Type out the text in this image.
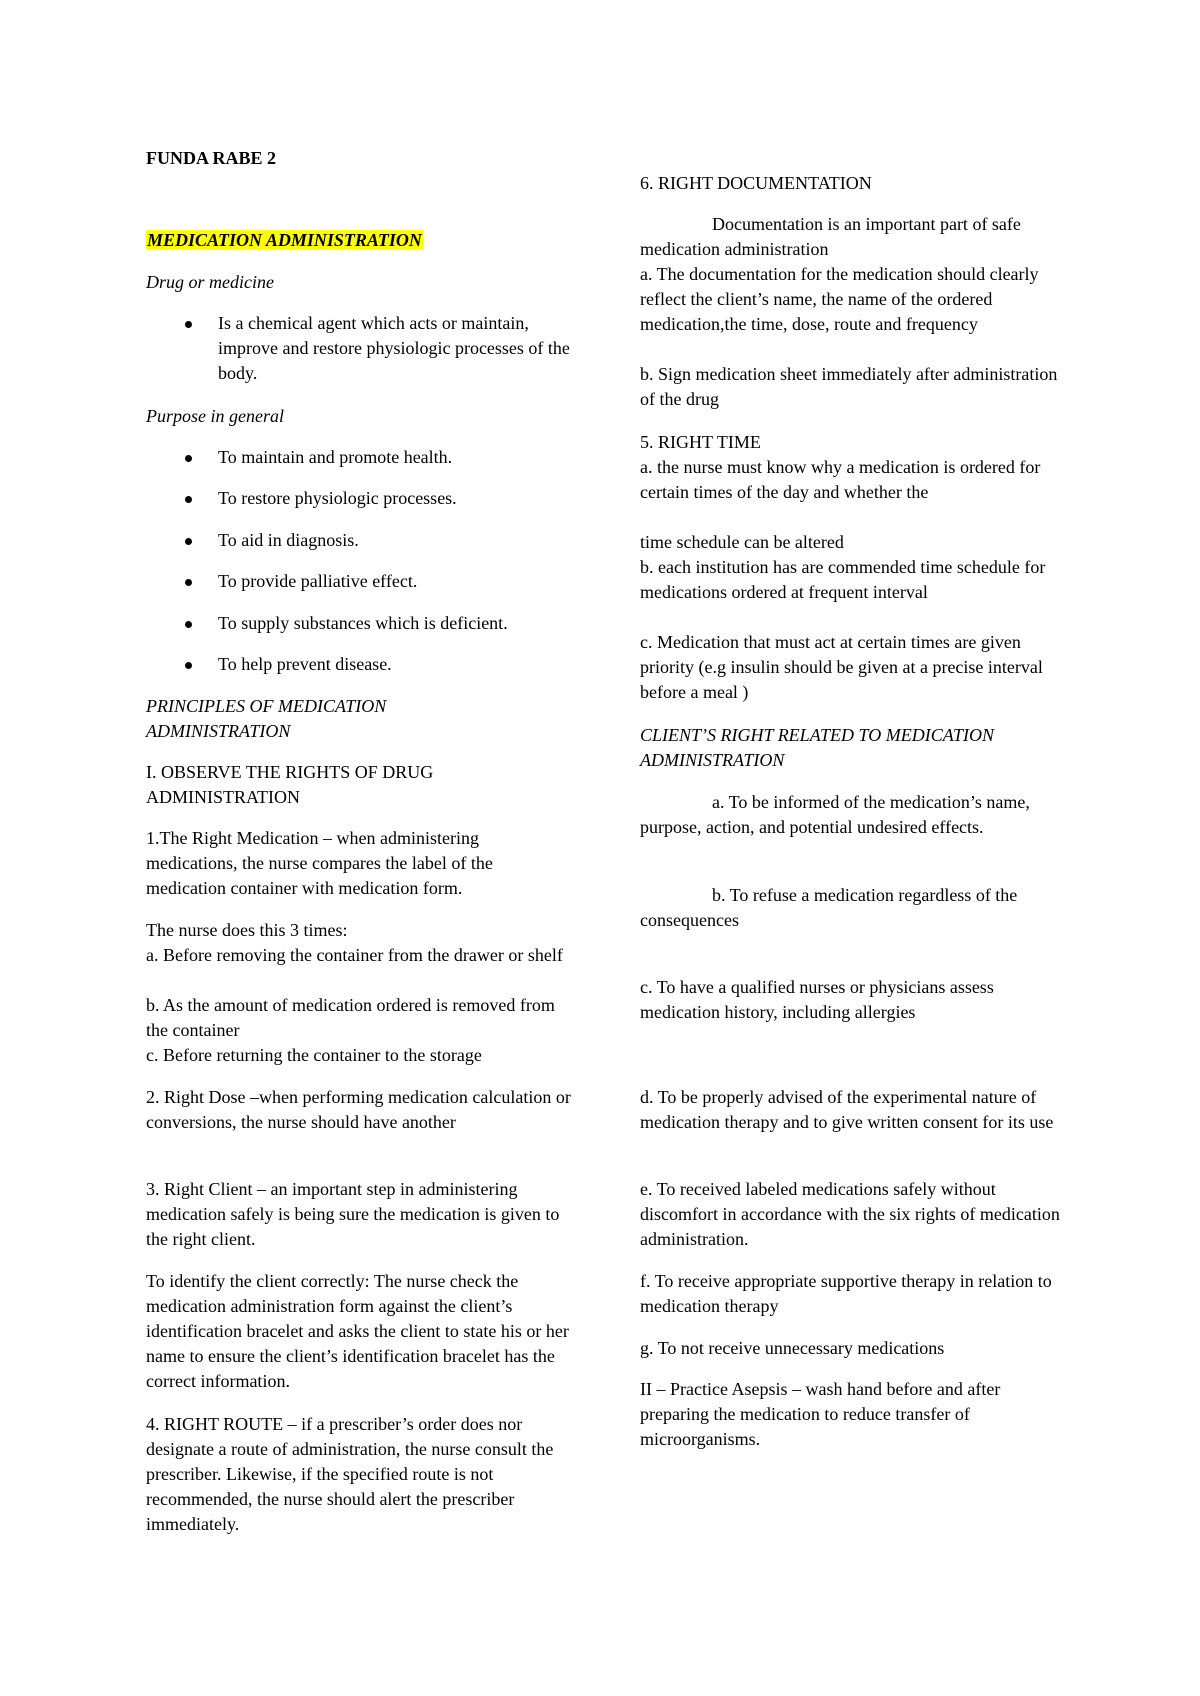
FUNDA RABE 2

MEDICATION ADMINISTRATION

Drug or medicine

Is a chemical agent which acts or maintain, improve and restore physiologic processes of the body.

Purpose in general

To maintain and promote health.
To restore physiologic processes.
To aid in diagnosis.
To provide palliative effect.
To supply substances which is deficient.
To help prevent disease.

PRINCIPLES OF MEDICATION ADMINISTRATION

I. OBSERVE THE RIGHTS OF DRUG ADMINISTRATION

1.The Right Medication – when administering medications, the nurse compares the label of the medication container with medication form.

The nurse does this 3 times:

a. Before removing the container from the drawer or shelf

b. As the amount of medication ordered is removed from the container

c. Before returning the container to the storage

2. Right Dose –when performing medication calculation or conversions, the nurse should have another

3. Right Client – an important step in administering medication safely is being sure the medication is given to the right client.

To identify the client correctly: The nurse check the medication administration form against the client’s identification bracelet and asks the client to state his or her name to ensure the client’s identification bracelet has the correct information.

4. RIGHT ROUTE – if a prescriber’s order does nor designate a route of administration, the nurse consult the prescriber. Likewise, if the specified route is not recommended, the nurse should alert the prescriber immediately.

6. RIGHT DOCUMENTATION

Documentation is an important part of safe medication administration

a. The documentation for the medication should clearly reflect the client’s name, the name of the ordered medication,the time, dose, route and frequency

b. Sign medication sheet immediately after administration of the drug

5. RIGHT TIME

a. the nurse must know why a medication is ordered for certain times of the day and whether the

time schedule can be altered

b. each institution has are commended time schedule for medications ordered at frequent interval

c. Medication that must act at certain times are given priority (e.g insulin should be given at a precise interval before a meal )

CLIENT’S RIGHT RELATED TO MEDICATION ADMINISTRATION

a. To be informed of the medication’s name, purpose, action, and potential undesired effects.

b. To refuse a medication regardless of the consequences

c. To have a qualified nurses or physicians assess medication history, including allergies

d. To be properly advised of the experimental nature of medication therapy and to give written consent for its use

e. To received labeled medications safely without discomfort in accordance with the six rights of medication administration.

f. To receive appropriate supportive therapy in relation to medication therapy

g. To not receive unnecessary medications

II – Practice Asepsis – wash hand before and after preparing the medication to reduce transfer of microorganisms.
